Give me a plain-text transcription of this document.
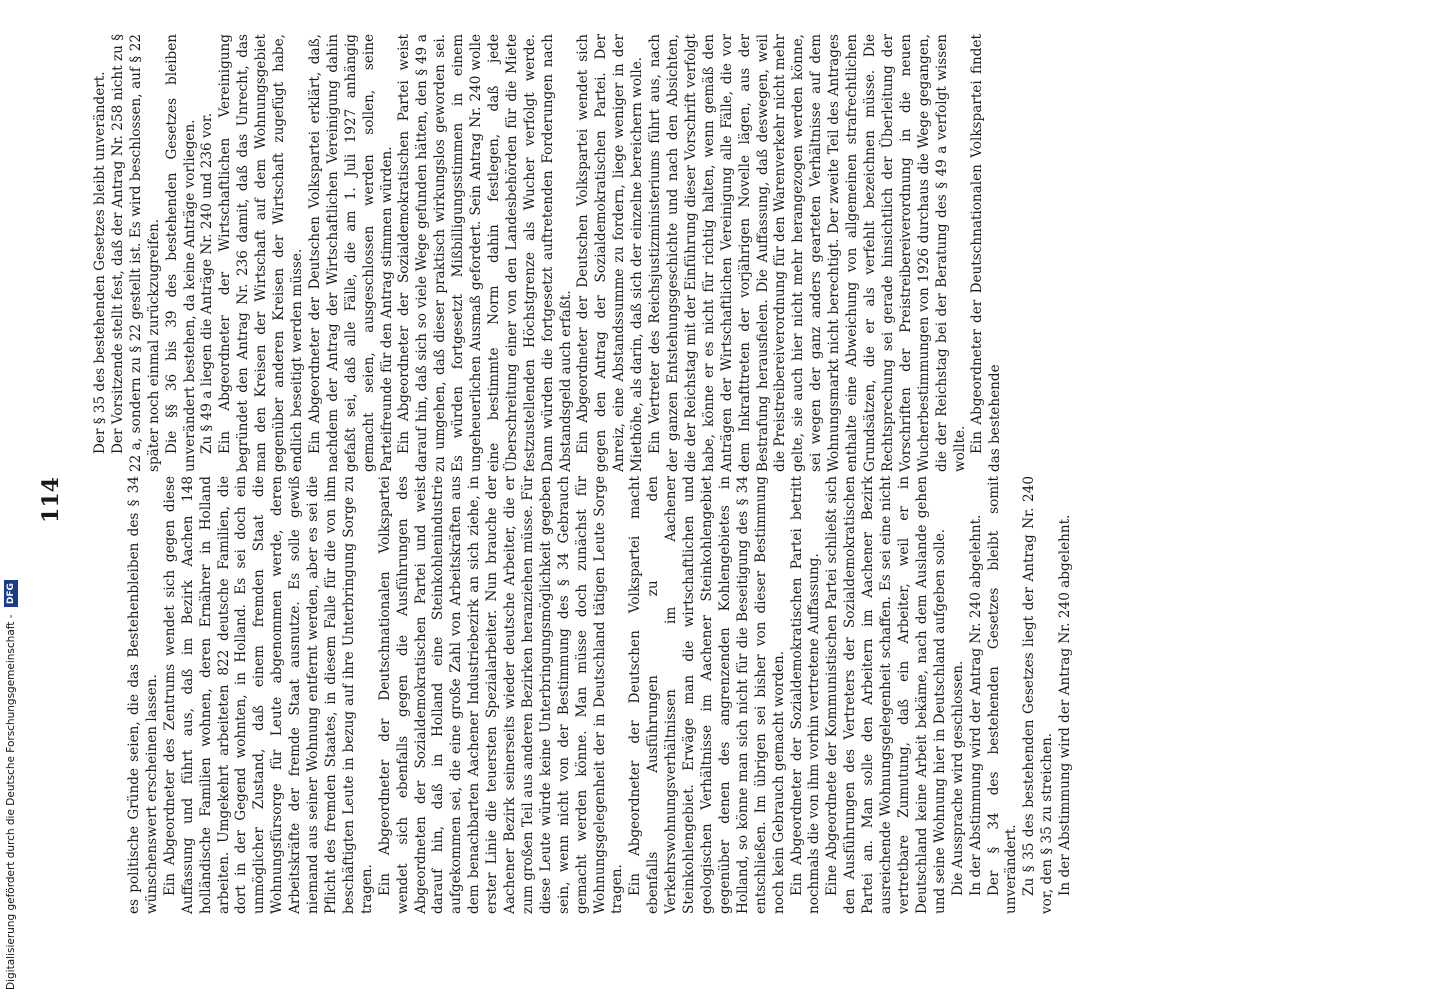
114	es politische Gründe seien, die das Bestehenbleiben des § 34 wünschenswert erscheinen lassen. Ein Abgeordneter des Zentrums wendet sich gegen diese Auffassung und führt aus, daß im Bezirk Aachen 148 holländische Familien wohnen, deren Ernährer in Holland arbeiten. Umgekehrt arbeiteten 822 deutsche Familien, die dort in der Gegend wohnten, in Holland. Es sei doch ein unmöglicher Zustand, daß einem fremden Staat die Wohnungsfürsorge für Leute abgenommen werde, deren Arbeitskräfte der fremde Staat ausnutze. Es solle gewiß niemand aus seiner Wohnung entfernt werden, aber es sei die Pflicht des fremden Staates, in diesem Falle für die von ihm beschäftigten Leute in bezug auf ihre Unterbringung Sorge zu tragen. Ein Abgeordneter der Deutschnationalen Volkspartei wendet sich ebenfalls gegen die Ausführungen des Abgeordneten der Sozialdemokratischen Partei und weist darauf hin, daß in Holland eine Steinkohlenindustrie aufgekommen sei, die eine große Zahl von Arbeitskräften aus dem benachbarten Aachener Industriebezirk an sich ziehe, in erster Linie die teuersten Spezialarbeiter. Nun brauche der Aachener Bezirk seinerseits wieder deutsche Arbeiter, die er zum großen Teil aus anderen Bezirken heranziehen müsse. Für diese Leute würde keine Unterbringungsmöglichkeit gegeben sein, wenn nicht von der Bestimmung des § 34 Gebrauch gemacht werden könne. Man müsse doch zunächst für Wohnungsgelegenheit der in Deutschland tätigen Leute Sorge tragen. Ein Abgeordneter der Deutschen Volkspartei macht ebenfalls Ausführungen zu den Verkehrswohnungsverhältnissen im Aachener Steinkohlengebiet. Erwäge man die wirtschaftlichen und geologischen Verhältnisse im Aachener Steinkohlengebiet gegenüber denen des angrenzenden Kohlengebietes in Holland, so könne man sich nicht für die Beseitigung des § 34 entschließen. Im übrigen sei bisher von dieser Bestimmung noch kein Gebrauch gemacht worden. Ein Abgeordneter der Sozialdemokratischen Partei betritt nochmals die von ihm vorhin vertretene Auffassung. Eine Abgeordnete der Kommunistischen Partei schließt sich den Ausführungen des Vertreters der Sozialdemokratischen Partei an. Man solle den Arbeitern im Aachener Bezirk ausreichende Wohnungsgelegenheit schaffen. Es sei eine nicht vertretbare Zumutung, daß ein Arbeiter, weil er in Deutschland keine Arbeit bekäme, nach dem Auslande gehen und seine Wohnung hier in Deutschland aufgeben solle. Die Aussprache wird geschlossen. In der Abstimmung wird der Antrag Nr. 240 abgelehnt. Der § 34 des bestehenden Gesetzes bleibt somit unverändert. Zu § 35 des bestehenden Gesetzes liegt der Antrag Nr. 240 vor, den § 35 zu streichen. In der Abstimmung wird der Antrag Nr. 240 abgelehnt.

Der § 35 des bestehenden Gesetzes bleibt unverändert. Der Vorsitzende stellt fest, daß der Antrag Nr. 258 nicht zu § 22 a, sondern zu § 22 gestellt ist. Es wird beschlossen, auf § 22 später noch einmal zurückzugreifen. Die §§ 36 bis 39 des bestehenden Gesetzes bleiben unverändert bestehen, da keine Anträge vorliegen. Zu § 49 a liegen die Anträge Nr. 240 und 236 vor. Ein Abgeordneter der Wirtschaftlichen Vereinigung begründet den Antrag Nr. 236 damit, daß das Unrecht, das man den Kreisen der Wirtschaft auf dem Wohnungsgebiet gegenüber anderen Kreisen der Wirtschaft zugefügt habe, endlich beseitigt werden müsse. Ein Abgeordneter der Deutschen Volkspartei erklärt, daß, nachdem der Antrag der Wirtschaftlichen Vereinigung dahin gefaßt sei, daß alle Fälle, die am 1. Juli 1927 anhängig gemacht seien, ausgeschlossen werden sollen, seine Parteifreunde für den Antrag stimmen würden. Ein Abgeordneter der Sozialdemokratischen Partei weist darauf hin, daß sich so viele Wege gefunden hätten, den § 49 a zu umgehen, daß dieser praktisch wirkungslos geworden sei. Es würden fortgesetzt Mißbilligungsstimmen in einem ungeheuerlichen Ausmaß gefordert. Sein Antrag Nr. 240 wolle eine bestimmte Norm dahin festlegen, daß jede Überschreitung einer von den Landesbehörden für die Miete festzustellenden Höchstgrenze als Wucher verfolgt werde. Dann würden die fortgesetzt auftretenden Forderungen nach Abstandsgeld auch erfaßt. Ein Abgeordneter der Deutschen Volkspartei wendet sich gegen den Antrag der Sozialdemokratischen Partei. Der Anreiz, eine Abstandssumme zu fordern, liege weniger in der Miethöhe, als darin, daß sich der einzelne bereichern wolle. Ein Vertreter des Reichsjustizministeriums führt aus, nach der ganzen Entstehungsgeschichte und nach den Absichten, die der Reichstag mit der Einführung dieser Vorschrift verfolgt habe, könne er es nicht für richtig halten, wenn gemäß den Anträgen der Wirtschaftlichen Vereinigung alle Fälle, die vor dem Inkrafttreten der vorjährigen Novelle lägen, aus der Bestrafung herausfielen. Die Auffassung, daß deswegen, weil die Preistreibereiverordnung für den Warenverkehr nicht mehr gelte, sie auch hier nicht mehr herangezogen werden könne, sei wegen der ganz anders gearteten Verhältnisse auf dem Wohnungsmarkt nicht berechtigt. Der zweite Teil des Antrages enthalte eine Abweichung von allgemeinen strafrechtlichen Grundsätzen, die er als verfehlt bezeichnen müsse. Die Rechtsprechung sei gerade hinsichtlich der Überleitung der Vorschriften der Preistreibereiverordnung in die neuen Wucherbestimmungen von 1926 durchaus die Wege gegangen, die der Reichstag bei der Beratung des § 49 a verfolgt wissen wollte. Ein Abgeordneter der Deutschnationalen Volkspartei findet das bestehende

Digitalisierung gefördert durch die Deutsche Forschungsgemeinschaft - DFG
